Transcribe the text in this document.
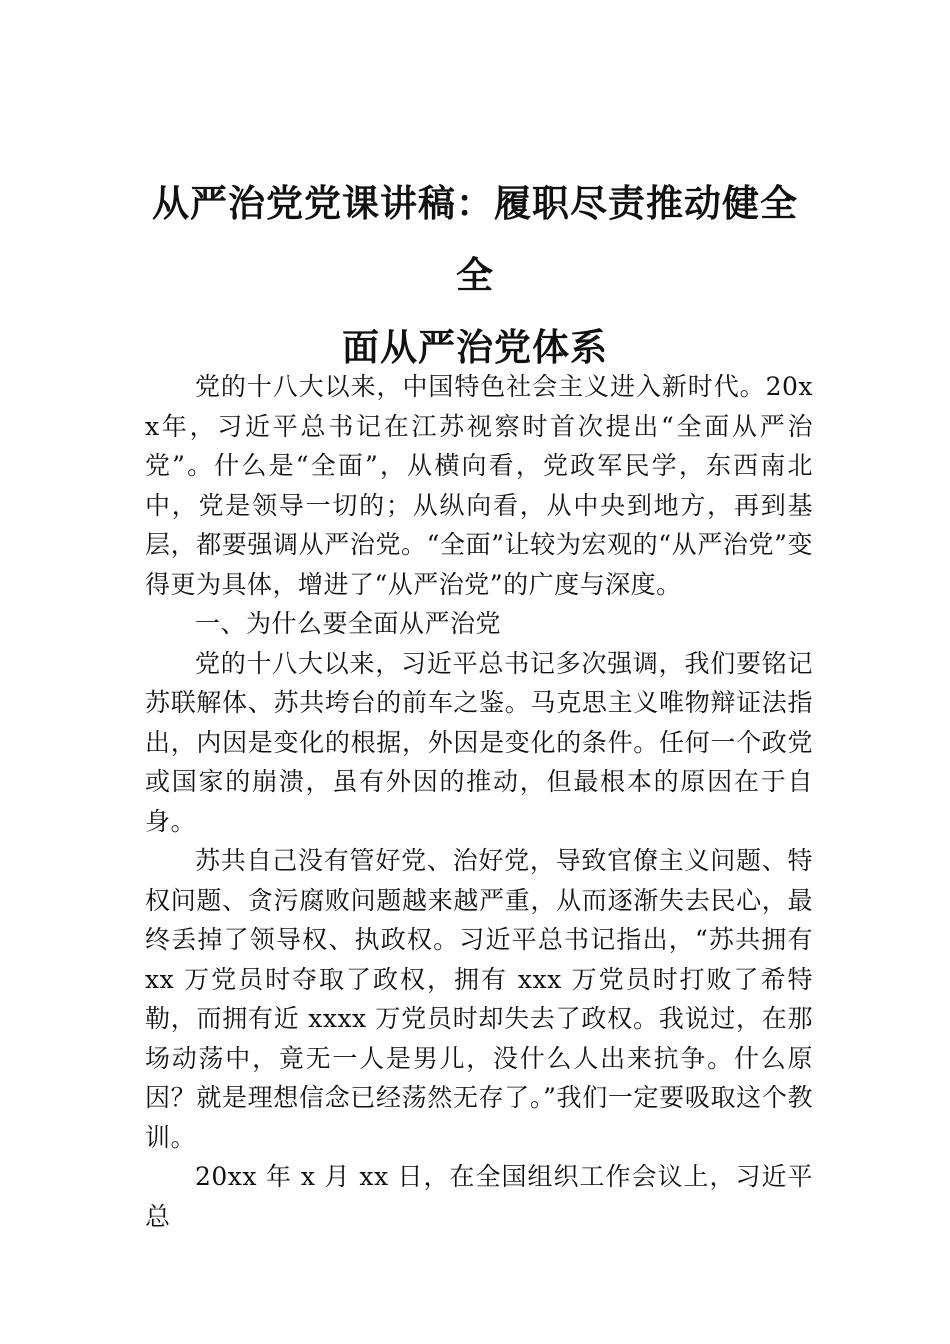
从严治党党课讲稿：履职尽责推动健全全
面从严治党体系

党的十八大以来，中国特色社会主义进入新时代。20xx年，习近平总书记在江苏视察时首次提出“全面从严治党”。什么是“全面”，从横向看，党政军民学，东西南北中，党是领导一切的；从纵向看，从中央到地方，再到基层，都要强调从严治党。“全面”让较为宏观的“从严治党”变得更为具体，增进了“从严治党”的广度与深度。

一、为什么要全面从严治党

党的十八大以来，习近平总书记多次强调，我们要铭记苏联解体、苏共垮台的前车之鉴。马克思主义唯物辩证法指出，内因是变化的根据，外因是变化的条件。任何一个政党或国家的崩溃，虽有外因的推动，但最根本的原因在于自身。

苏共自己没有管好党、治好党，导致官僚主义问题、特权问题、贪污腐败问题越来越严重，从而逐渐失去民心，最终丢掉了领导权、执政权。习近平总书记指出，“苏共拥有 xx 万党员时夺取了政权，拥有 xxx 万党员时打败了希特勒，而拥有近 xxxx 万党员时却失去了政权。我说过，在那场动荡中，竟无一人是男儿，没什么人出来抗争。什么原因？就是理想信念已经荡然无存了。”我们一定要吸取这个教训。

20xx 年 x 月 xx 日，在全国组织工作会议上，习近平总
